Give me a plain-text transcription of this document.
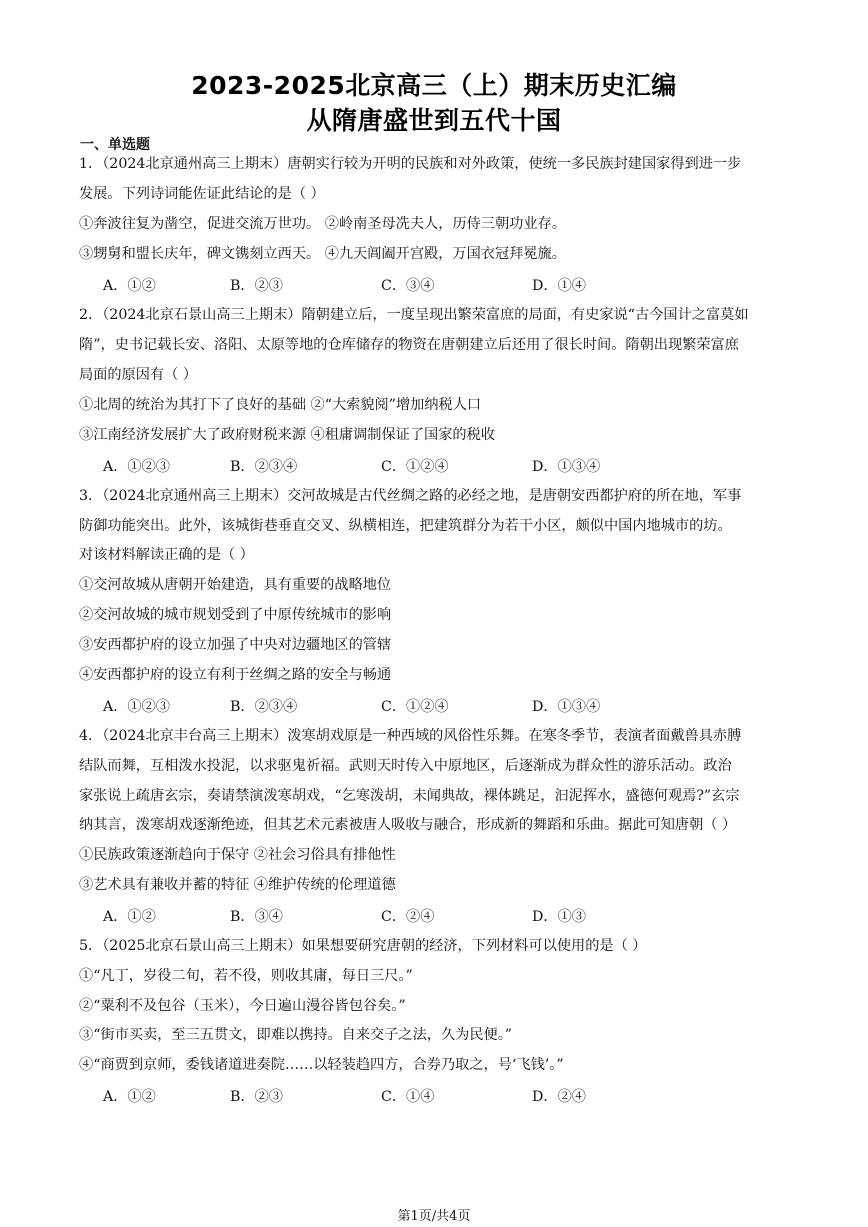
2023-2025北京高三（上）期末历史汇编
从隋唐盛世到五代十国
一、单选题
1．（2024北京通州高三上期末）唐朝实行较为开明的民族和对外政策，使统一多民族封建国家得到进一步
发展。下列诗词能佐证此结论的是（ ）
①奔波往复为凿空，促进交流万世功。 ②岭南圣母冼夫人，历侍三朝功业存。
③甥舅和盟长庆年，碑文镌刻立西天。 ④九天阊阖开宫殿，万国衣冠拜冕旒。
A．①②	B．②③	C．③④	D．①④
2．（2024北京石景山高三上期末）隋朝建立后，一度呈现出繁荣富庶的局面，有史家说“古今国计之富莫如
隋”，史书记载长安、洛阳、太原等地的仓库储存的物资在唐朝建立后还用了很长时间。隋朝出现繁荣富庶
局面的原因有（ ）
①北周的统治为其打下了良好的基础 ②“大索貌阅”增加纳税人口
③江南经济发展扩大了政府财税来源 ④租庸调制保证了国家的税收
A．①②③	B．②③④	C．①②④	D．①③④
3．（2024北京通州高三上期末）交河故城是古代丝绸之路的必经之地，是唐朝安西都护府的所在地，军事
防御功能突出。此外，该城街巷垂直交叉、纵横相连，把建筑群分为若干小区，颇似中国内地城市的坊。
对该材料解读正确的是（ ）
①交河故城从唐朝开始建造，具有重要的战略地位
②交河故城的城市规划受到了中原传统城市的影响
③安西都护府的设立加强了中央对边疆地区的管辖
④安西都护府的设立有利于丝绸之路的安全与畅通
A．①②③	B．②③④	C．①②④	D．①③④
4．（2024北京丰台高三上期末）泼寒胡戏原是一种西域的风俗性乐舞。在寒冬季节，表演者面戴兽具赤膊
结队而舞，互相泼水投泥，以求驱鬼祈福。武则天时传入中原地区，后逐渐成为群众性的游乐活动。政治
家张说上疏唐玄宗，奏请禁演泼寒胡戏，“乞寒泼胡，未闻典故，裸体跳足，汩泥挥水，盛德何观焉?”玄宗
纳其言，泼寒胡戏逐渐绝迹，但其艺术元素被唐人吸收与融合，形成新的舞蹈和乐曲。据此可知唐朝（ ）
①民族政策逐渐趋向于保守 ②社会习俗具有排他性
③艺术具有兼收并蓄的特征 ④维护传统的伦理道德
A．①②	B．③④	C．②④	D．①③
5．（2025北京石景山高三上期末）如果想要研究唐朝的经济，下列材料可以使用的是（ ）
①“凡丁，岁役二旬，若不役，则收其庸，每日三尺。”
②“粟利不及包谷（玉米），今日遍山漫谷皆包谷矣。”
③“街市买卖，至三五贯文，即难以携持。自来交子之法，久为民便。”
④“商贾到京师，委钱诸道进奏院……以轻装趋四方，合券乃取之，号‘飞钱’。”
A．①②	B．②③	C．①④	D．②④
第1页/共4页
